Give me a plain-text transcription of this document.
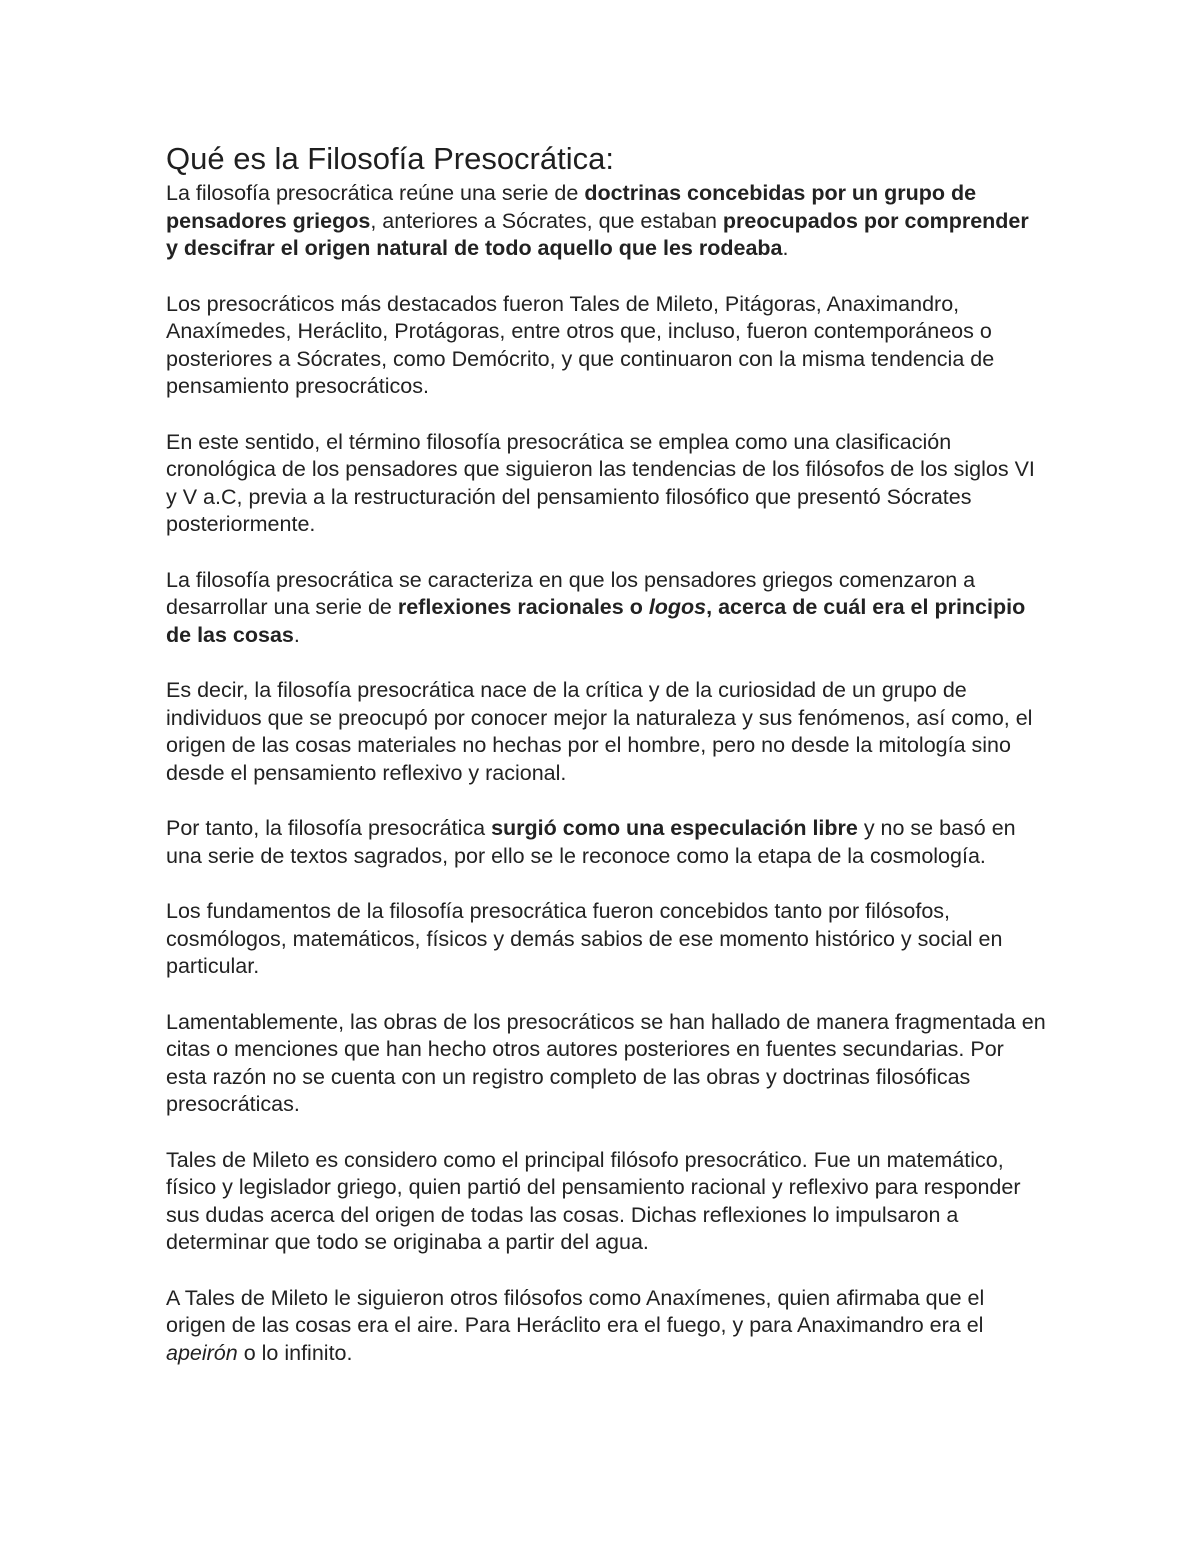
Qué es la Filosofía Presocrática:

La filosofía presocrática reúne una serie de doctrinas concebidas por un grupo de pensadores griegos, anteriores a Sócrates, que estaban preocupados por comprender y descifrar el origen natural de todo aquello que les rodeaba.

Los presocráticos más destacados fueron Tales de Mileto, Pitágoras, Anaximandro, Anaxímedes, Heráclito, Protágoras, entre otros que, incluso, fueron contemporáneos o posteriores a Sócrates, como Demócrito, y que continuaron con la misma tendencia de pensamiento presocráticos.

En este sentido, el término filosofía presocrática se emplea como una clasificación cronológica de los pensadores que siguieron las tendencias de los filósofos de los siglos VI y V a.C, previa a la restructuración del pensamiento filosófico que presentó Sócrates posteriormente.

La filosofía presocrática se caracteriza en que los pensadores griegos comenzaron a desarrollar una serie de reflexiones racionales o logos, acerca de cuál era el principio de las cosas.

Es decir, la filosofía presocrática nace de la crítica y de la curiosidad de un grupo de individuos que se preocupó por conocer mejor la naturaleza y sus fenómenos, así como, el origen de las cosas materiales no hechas por el hombre, pero no desde la mitología sino desde el pensamiento reflexivo y racional.

Por tanto, la filosofía presocrática surgió como una especulación libre y no se basó en una serie de textos sagrados, por ello se le reconoce como la etapa de la cosmología.

Los fundamentos de la filosofía presocrática fueron concebidos tanto por filósofos, cosmólogos, matemáticos, físicos y demás sabios de ese momento histórico y social en particular.

Lamentablemente, las obras de los presocráticos se han hallado de manera fragmentada en citas o menciones que han hecho otros autores posteriores en fuentes secundarias. Por esta razón no se cuenta con un registro completo de las obras y doctrinas filosóficas presocráticas.

Tales de Mileto es considero como el principal filósofo presocrático. Fue un matemático, físico y legislador griego, quien partió del pensamiento racional y reflexivo para responder sus dudas acerca del origen de todas las cosas. Dichas reflexiones lo impulsaron a determinar que todo se originaba a partir del agua.

A Tales de Mileto le siguieron otros filósofos como Anaxímenes, quien afirmaba que el origen de las cosas era el aire. Para Heráclito era el fuego, y para Anaximandro era el apeirón o lo infinito.
